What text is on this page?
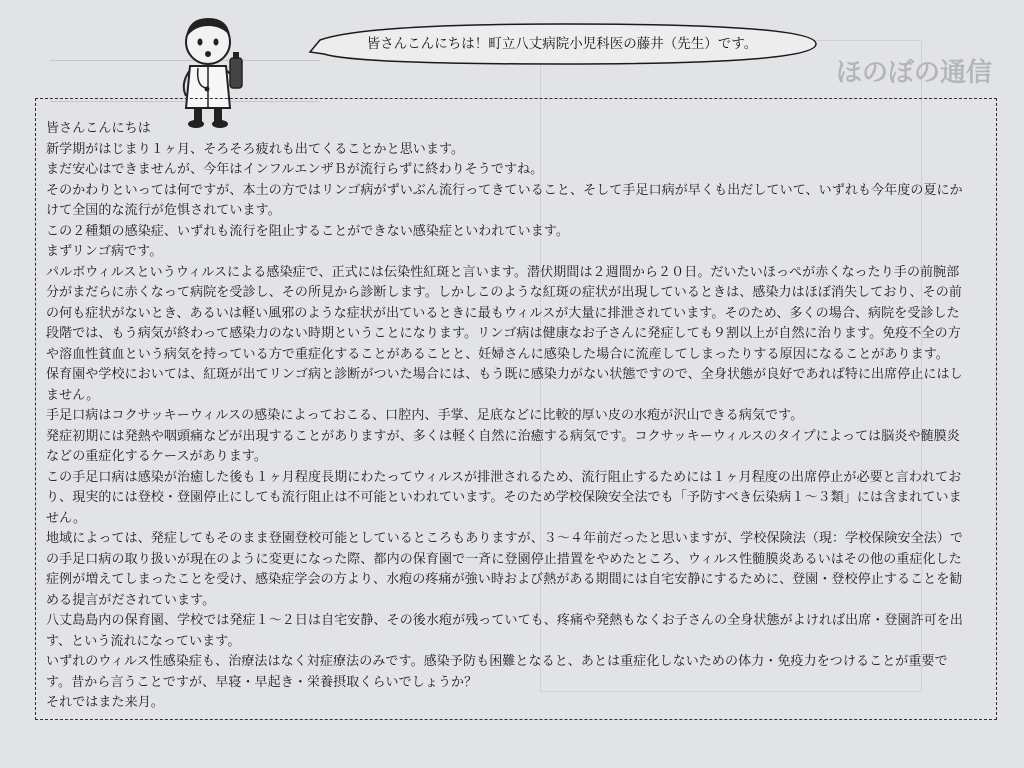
ほのぼの通信
皆さんこんにちは！町立八丈病院小児科医の藤井（先生）です。
皆さんこんにちは
新学期がはじまり１ヶ月、そろそろ疲れも出てくることかと思います。
まだ安心はできませんが、今年はインフルエンザＢが流行らずに終わりそうですね。
そのかわりといっては何ですが、本土の方ではリンゴ病がずいぶん流行ってきていること、そして手足口病が早くも出だしていて、いずれも今年度の夏にか
けて全国的な流行が危惧されています。
この２種類の感染症、いずれも流行を阻止することができない感染症といわれています。
まずリンゴ病です。
パルボウィルスというウィルスによる感染症で、正式には伝染性紅斑と言います。潜伏期間は２週間から２０日。だいたいほっぺが赤くなったり手の前腕部
分がまだらに赤くなって病院を受診し、その所見から診断します。しかしこのような紅斑の症状が出現しているときは、感染力はほぼ消失しており、その前
の何も症状がないとき、あるいは軽い風邪のような症状が出ているときに最もウィルスが大量に排泄されています。そのため、多くの場合、病院を受診した
段階では、もう病気が終わって感染力のない時期ということになります。リンゴ病は健康なお子さんに発症しても９割以上が自然に治ります。免疫不全の方
や溶血性貧血という病気を持っている方で重症化することがあることと、妊婦さんに感染した場合に流産してしまったりする原因になることがあります。
保育園や学校においては、紅斑が出てリンゴ病と診断がついた場合には、もう既に感染力がない状態ですので、全身状態が良好であれば特に出席停止にはし
ません。
手足口病はコクサッキーウィルスの感染によっておこる、口腔内、手掌、足底などに比較的厚い皮の水疱が沢山できる病気です。
発症初期には発熱や咽頭痛などが出現することがありますが、多くは軽く自然に治癒する病気です。コクサッキーウィルスのタイプによっては脳炎や髄膜炎
などの重症化するケースがあります。
この手足口病は感染が治癒した後も１ヶ月程度長期にわたってウィルスが排泄されるため、流行阻止するためには１ヶ月程度の出席停止が必要と言われてお
り、現実的には登校・登園停止にしても流行阻止は不可能といわれています。そのため学校保険安全法でも「予防すべき伝染病１〜３類」には含まれていま
せん。
地域によっては、発症してもそのまま登園登校可能としているところもありますが、３〜４年前だったと思いますが、学校保険法（現：学校保険安全法）で
の手足口病の取り扱いが現在のように変更になった際、都内の保育園で一斉に登園停止措置をやめたところ、ウィルス性髄膜炎あるいはその他の重症化した
症例が増えてしまったことを受け、感染症学会の方より、水疱の疼痛が強い時および熱がある期間には自宅安静にするために、登園・登校停止することを勧
める提言がだされています。
八丈島島内の保育園、学校では発症１〜２日は自宅安静、その後水疱が残っていても、疼痛や発熱もなくお子さんの全身状態がよければ出席・登園許可を出
す、という流れになっています。
いずれのウィルス性感染症も、治療法はなく対症療法のみです。感染予防も困難となると、あとは重症化しないための体力・免疫力をつけることが重要で
す。昔から言うことですが、早寝・早起き・栄養摂取くらいでしょうか？
それではまた来月。
